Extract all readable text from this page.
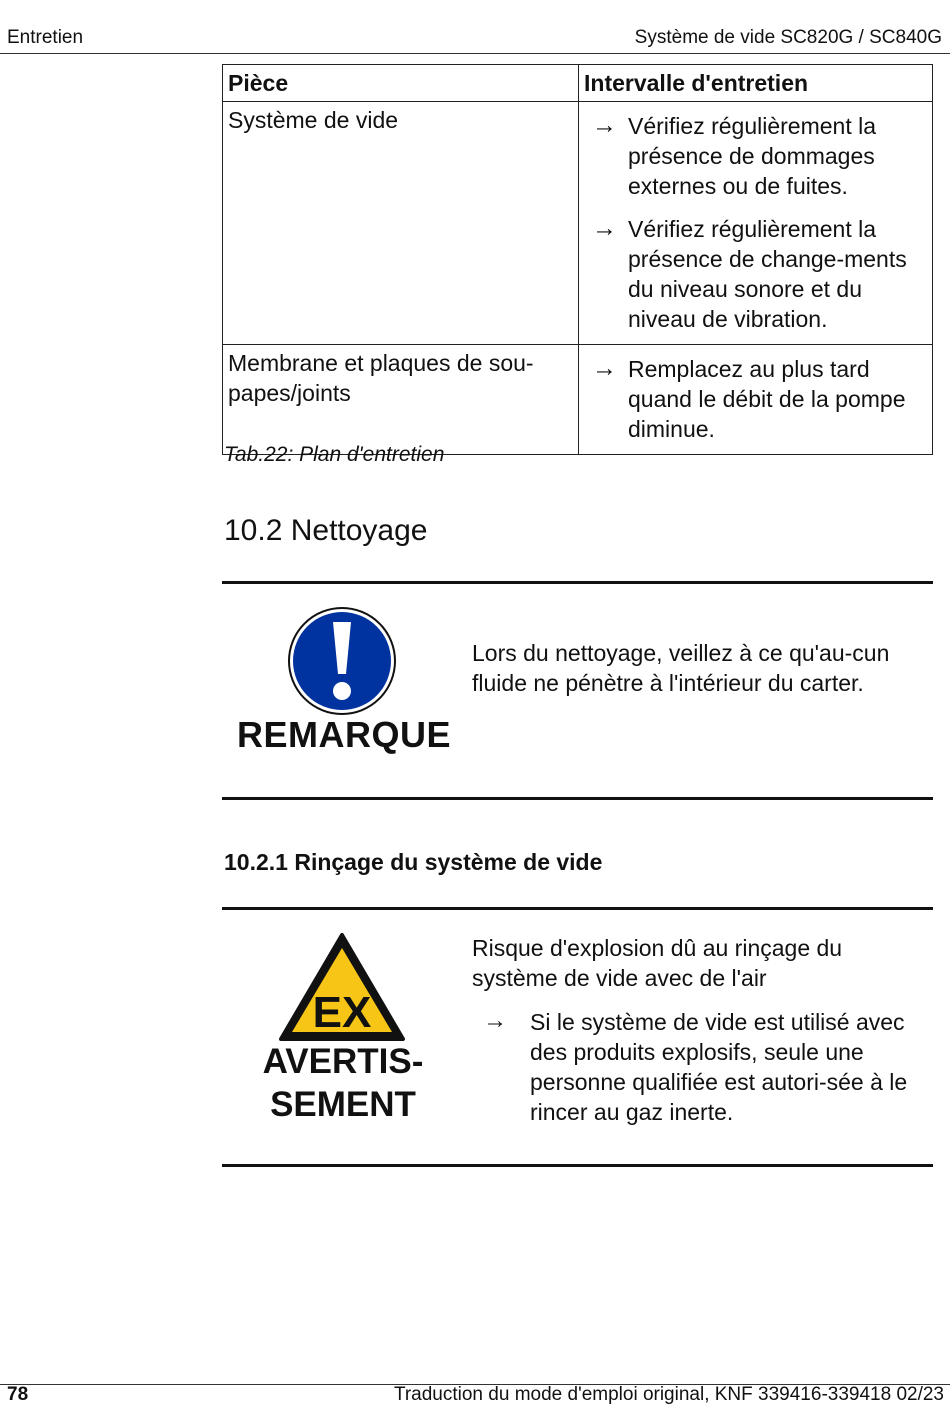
Entretien	Système de vide SC820G / SC840G
Pièce	Intervalle d'entretien
Système de vide	→ Vérifiez régulièrement la présence de dommages externes ou de fuites.
→ Vérifiez régulièrement la présence de change-ments du niveau sonore et du niveau de vibration.

Membrane et plaques de sou-papes/joints	→ Remplacez au plus tard quand le débit de la pompe diminue.
Tab.22: Plan d'entretien
10.2 Nettoyage
REMARQUE
Lors du nettoyage, veillez à ce qu'au-cun fluide ne pénètre à l'intérieur du carter.
10.2.1 Rinçage du système de vide
EX
AVERTIS-
SEMENT
Risque d'explosion dû au rinçage du système de vide avec de l'air
→	Si le système de vide est utilisé avec des produits explosifs, seule une personne qualifiée est autori-sée à le rincer au gaz inerte.
78	Traduction du mode d'emploi original, KNF 339416-339418 02/23
